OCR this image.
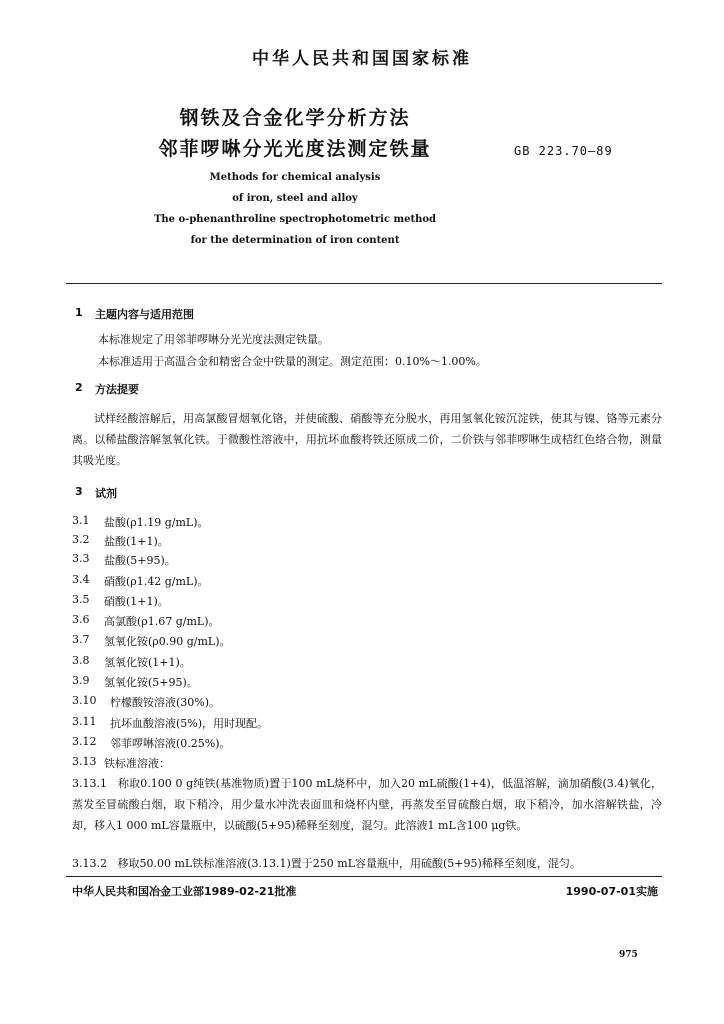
中华人民共和国国家标准
钢铁及合金化学分析方法
邻菲啰啉分光光度法测定铁量	GB 223.70—89
Methods for chemical analysis
of iron, steel and alloy
The o-phenanthroline spectrophotometric method
for the determination of iron content
1 主题内容与适用范围
本标准规定了用邻菲啰啉分光光度法测定铁量。
本标准适用于高温合金和精密合金中铁量的测定。测定范围：0.10%～1.00%。
2 方法提要
试样经酸溶解后，用高氯酸冒烟氧化铬，并使硫酸、硝酸等充分脱水，再用氢氧化铵沉淀铁，使其与镍、铬等元素分离。以稀盐酸溶解氢氧化铁。于微酸性溶液中，用抗坏血酸将铁还原成二价，二价铁与邻菲啰啉生成桔红色络合物，测量其吸光度。
3 试剂
3.1 盐酸(ρ1.19 g/mL)。
3.2 盐酸(1+1)。
3.3 盐酸(5+95)。
3.4 硝酸(ρ1.42 g/mL)。
3.5 硝酸(1+1)。
3.6 高氯酸(ρ1.67 g/mL)。
3.7 氢氧化铵(ρ0.90 g/mL)。
3.8 氢氧化铵(1+1)。
3.9 氢氧化铵(5+95)。
3.10 柠檬酸铵溶液(30%)。
3.11 抗坏血酸溶液(5%)，用时现配。
3.12 邻菲啰啉溶液(0.25%)。
3.13 铁标准溶液：
3.13.1 称取0.100 0 g纯铁(基准物质)置于100 mL烧杯中，加入20 mL硫酸(1+4)，低温溶解，滴加硝酸(3.4)氧化，蒸发至冒硫酸白烟，取下稍冷，用少量水冲洗表面皿和烧杯内壁，再蒸发至冒硫酸白烟，取下稍冷，加水溶解铁盐，冷却，移入1 000 mL容量瓶中，以硫酸(5+95)稀释至刻度，混匀。此溶液1 mL含100 μg铁。
3.13.2 移取50.00 mL铁标准溶液(3.13.1)置于250 mL容量瓶中，用硫酸(5+95)稀释至刻度，混匀。
中华人民共和国冶金工业部1989-02-21批准	1990-07-01实施
975
